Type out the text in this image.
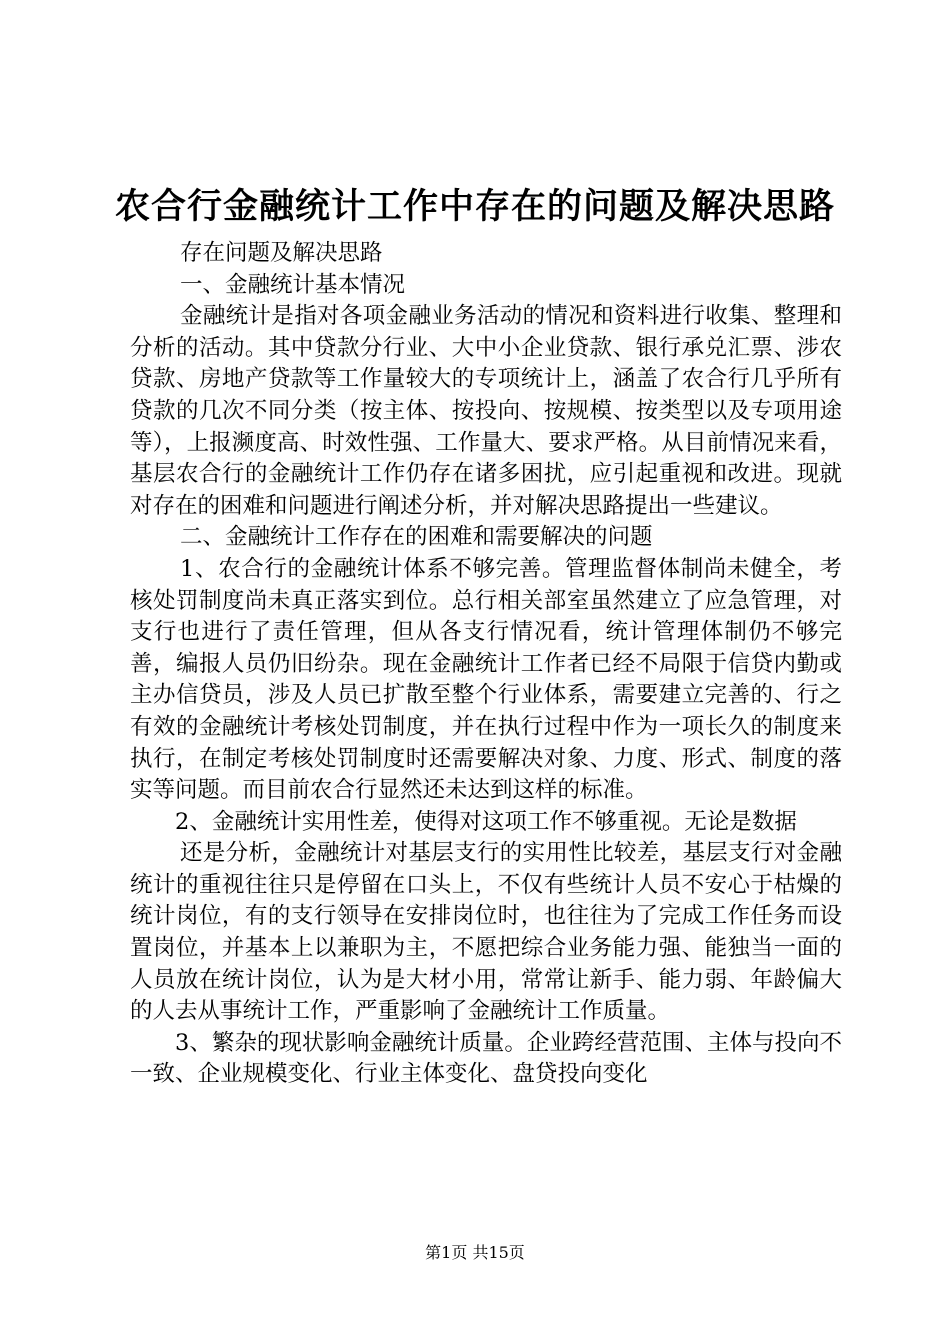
农合行金融统计工作中存在的问题及解决思路

存在问题及解决思路

一、金融统计基本情况

金融统计是指对各项金融业务活动的情况和资料进行收集、整理和分析的活动。其中贷款分行业、大中小企业贷款、银行承兑汇票、涉农贷款、房地产贷款等工作量较大的专项统计上，涵盖了农合行几乎所有贷款的几次不同分类（按主体、按投向、按规模、按类型以及专项用途等），上报濒度高、时效性强、工作量大、要求严格。从目前情况来看，基层农合行的金融统计工作仍存在诸多困扰，应引起重视和改进。现就对存在的困难和问题进行阐述分析，并对解决思路提出一些建议。

二、金融统计工作存在的困难和需要解决的问题

1、农合行的金融统计体系不够完善。管理监督体制尚未健全，考核处罚制度尚未真正落实到位。总行相关部室虽然建立了应急管理，对支行也进行了责任管理，但从各支行情况看，统计管理体制仍不够完善，编报人员仍旧纷杂。现在金融统计工作者已经不局限于信贷内勤或主办信贷员，涉及人员已扩散至整个行业体系，需要建立完善的、行之有效的金融统计考核处罚制度，并在执行过程中作为一项长久的制度来执行，在制定考核处罚制度时还需要解决对象、力度、形式、制度的落实等问题。而目前农合行显然还未达到这样的标准。

2、金融统计实用性差，使得对这项工作不够重视。无论是数据

还是分析，金融统计对基层支行的实用性比较差，基层支行对金融统计的重视往往只是停留在口头上，不仅有些统计人员不安心于枯燥的统计岗位，有的支行领导在安排岗位时，也往往为了完成工作任务而设置岗位，并基本上以兼职为主，不愿把综合业务能力强、能独当一面的人员放在统计岗位，认为是大材小用，常常让新手、能力弱、年龄偏大的人去从事统计工作，严重影响了金融统计工作质量。

3、繁杂的现状影响金融统计质量。企业跨经营范围、主体与投向不一致、企业规模变化、行业主体变化、盘贷投向变化

第1页 共15页
